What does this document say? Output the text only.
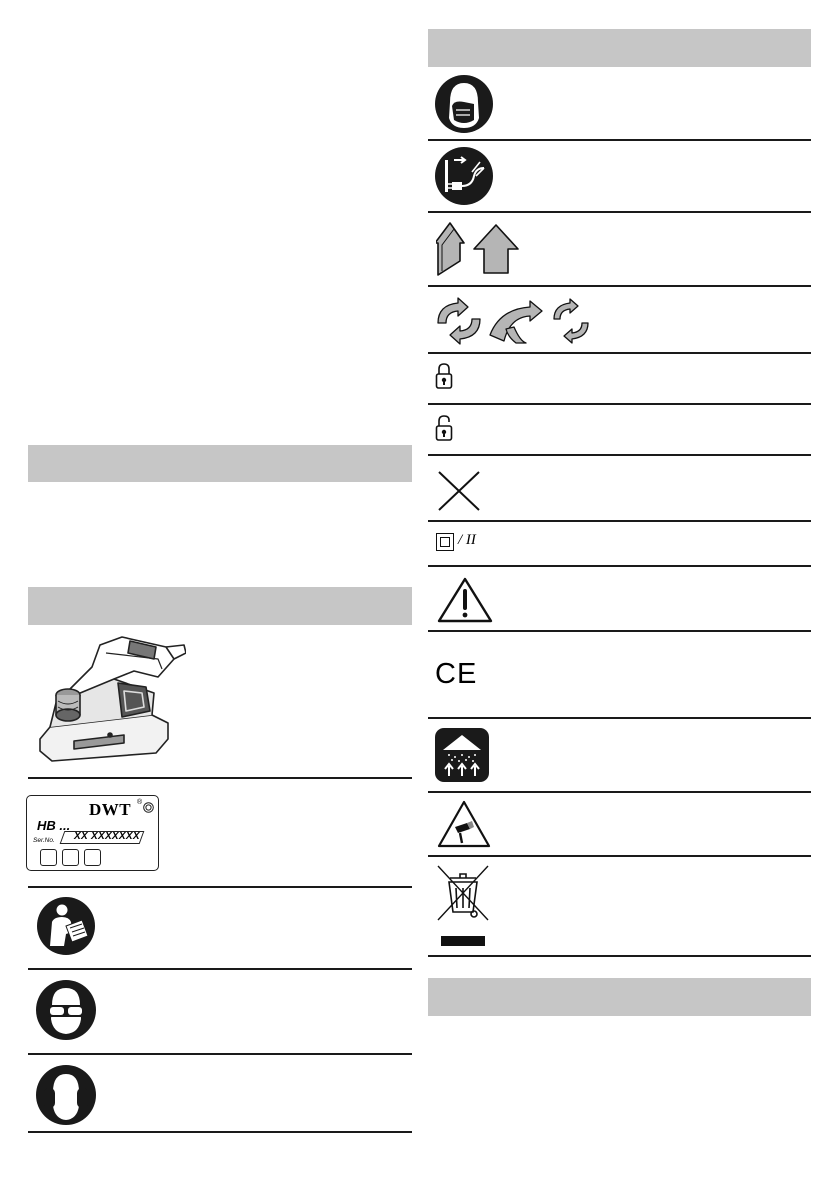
DWT ®
HB ...
Ser.No. XX XXXXXXX
/ II
CE
